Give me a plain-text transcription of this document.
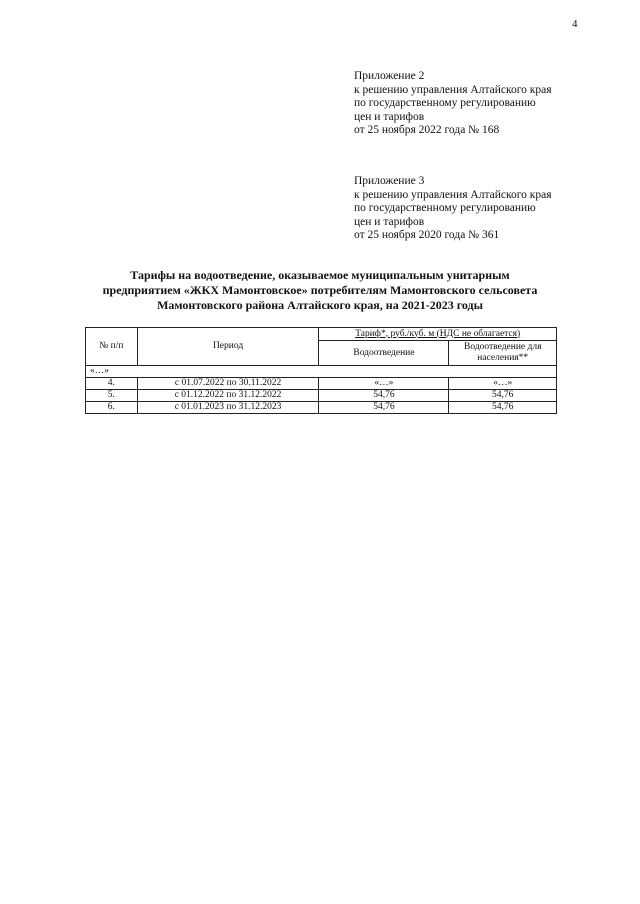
4
Приложение 2
к решению управления Алтайского края
по государственному регулированию
цен и тарифов
от 25 ноября 2022 года № 168
Приложение 3
к решению управления Алтайского края
по государственному регулированию
цен и тарифов
от 25 ноября 2020 года № 361
Тарифы на водоотведение, оказываемое муниципальным унитарным
предприятием «ЖКХ Мамонтовское» потребителям Мамонтовского сельсовета
Мамонтовского района Алтайского края, на 2021-2023 годы
№ п/п	Период	Тариф*, руб./куб. м (НДС не облагается)	
		Водоотведение	Водоотведение для населения**
«…»			
4.	с 01.07.2022 по 30.11.2022	«…»	«…»
5.	с 01.12.2022 по 31.12.2022	54,76	54,76
6.	с 01.01.2023 по 31.12.2023	54,76	54,76
